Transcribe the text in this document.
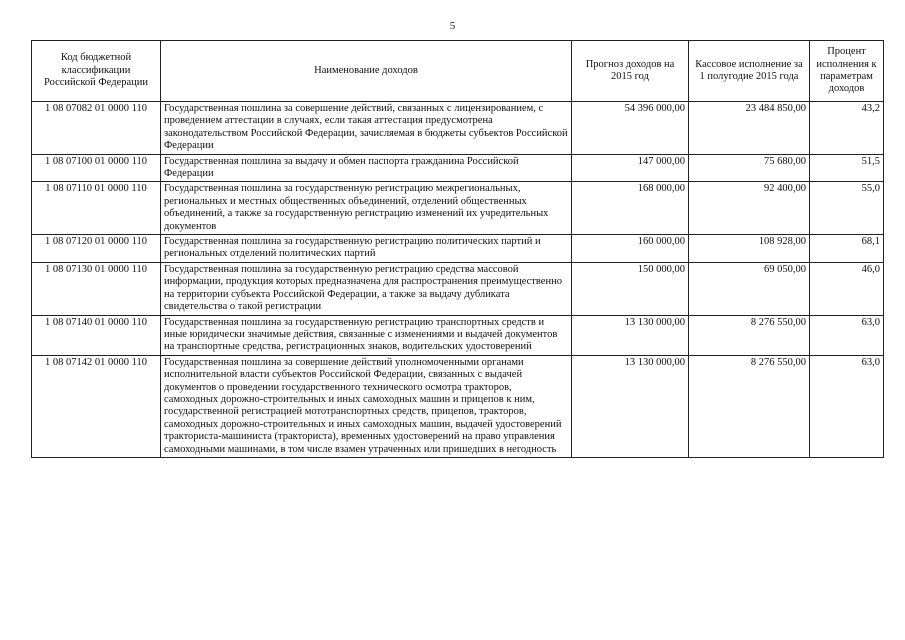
5
Код бюджетной классификации Российской Федерации	Наименование доходов	Прогноз доходов на 2015 год	Кассовое исполнение за 1 полугодие 2015 года	Процент исполнения к параметрам доходов
1 08 07082 01 0000 110	Государственная пошлина за совершение действий, связанных с лицензированием, с проведением аттестации в случаях, если такая аттестация предусмотрена законодательством Российской Федерации, зачисляемая в бюджеты субъектов Российской Федерации	54 396 000,00	23 484 850,00	43,2
1 08 07100 01 0000 110	Государственная пошлина за выдачу и обмен паспорта гражданина Российской Федерации	147 000,00	75 680,00	51,5
1 08 07110 01 0000 110	Государственная пошлина за государственную регистрацию межрегиональных, региональных и местных общественных объединений, отделений общественных объединений, а также за государственную регистрацию изменений их учредительных документов	168 000,00	92 400,00	55,0
1 08 07120 01 0000 110	Государственная пошлина за государственную регистрацию политических партий и региональных отделений политических партий	160 000,00	108 928,00	68,1
1 08 07130 01 0000 110	Государственная пошлина за государственную регистрацию средства массовой информации, продукция которых предназначена для распространения преимущественно на территории субъекта Российской Федерации, а также за выдачу дубликата свидетельства о такой регистрации	150 000,00	69 050,00	46,0
1 08 07140 01 0000 110	Государственная пошлина за государственную регистрацию транспортных средств и иные юридически значимые действия, связанные с изменениями и выдачей документов на транспортные средства, регистрационных знаков, водительских удостоверений	13 130 000,00	8 276 550,00	63,0
1 08 07142 01 0000 110	Государственная пошлина за совершение действий уполномоченными органами исполнительной власти субъектов Российской Федерации, связанных с выдачей документов о проведении государственного технического осмотра тракторов, самоходных дорожно-строительных и иных самоходных машин и прицепов к ним, государственной регистрацией мототранспортных средств, прицепов, тракторов, самоходных дорожно-строительных и иных самоходных машин, выдачей удостоверений тракториста-машиниста (тракториста), временных удостоверений на право управления самоходными машинами, в том числе взамен утраченных или пришедших в негодность	13 130 000,00	8 276 550,00	63,0
